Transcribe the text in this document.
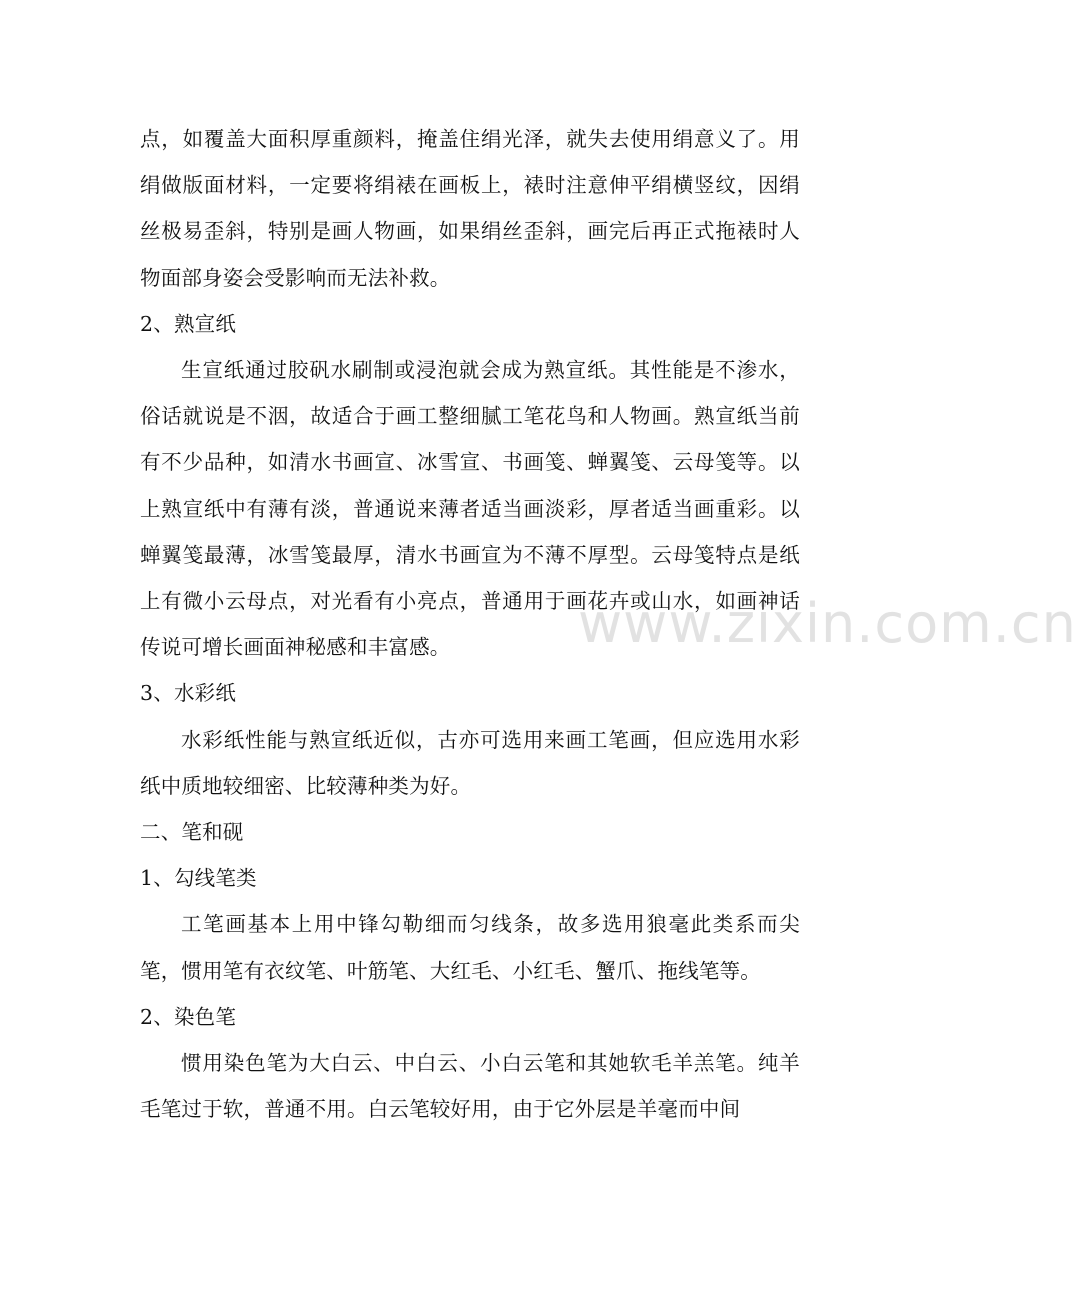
www.zixin.com.cn

点，如覆盖大面积厚重颜料，掩盖住绢光泽，就失去使用绢意义了。用绢做版面材料，一定要将绢裱在画板上，裱时注意伸平绢横竖纹，因绢丝极易歪斜，特别是画人物画，如果绢丝歪斜，画完后再正式拖裱时人物面部身姿会受影响而无法补救。

2、熟宣纸

生宣纸通过胶矾水刷制或浸泡就会成为熟宣纸。其性能是不渗水，俗话就说是不洇，故适合于画工整细腻工笔花鸟和人物画。熟宣纸当前有不少品种，如清水书画宣、冰雪宣、书画笺、蝉翼笺、云母笺等。以上熟宣纸中有薄有淡，普通说来薄者适当画淡彩，厚者适当画重彩。以蝉翼笺最薄，冰雪笺最厚，清水书画宣为不薄不厚型。云母笺特点是纸上有微小云母点，对光看有小亮点，普通用于画花卉或山水，如画神话传说可增长画面神秘感和丰富感。

3、水彩纸

水彩纸性能与熟宣纸近似，古亦可选用来画工笔画，但应选用水彩纸中质地较细密、比较薄种类为好。

二、笔和砚

1、勾线笔类

工笔画基本上用中锋勾勒细而匀线条，故多选用狼毫此类系而尖笔，惯用笔有衣纹笔、叶筋笔、大红毛、小红毛、蟹爪、拖线笔等。

2、染色笔

惯用染色笔为大白云、中白云、小白云笔和其她软毛羊羔笔。纯羊毛笔过于软，普通不用。白云笔较好用，由于它外层是羊毫而中间
